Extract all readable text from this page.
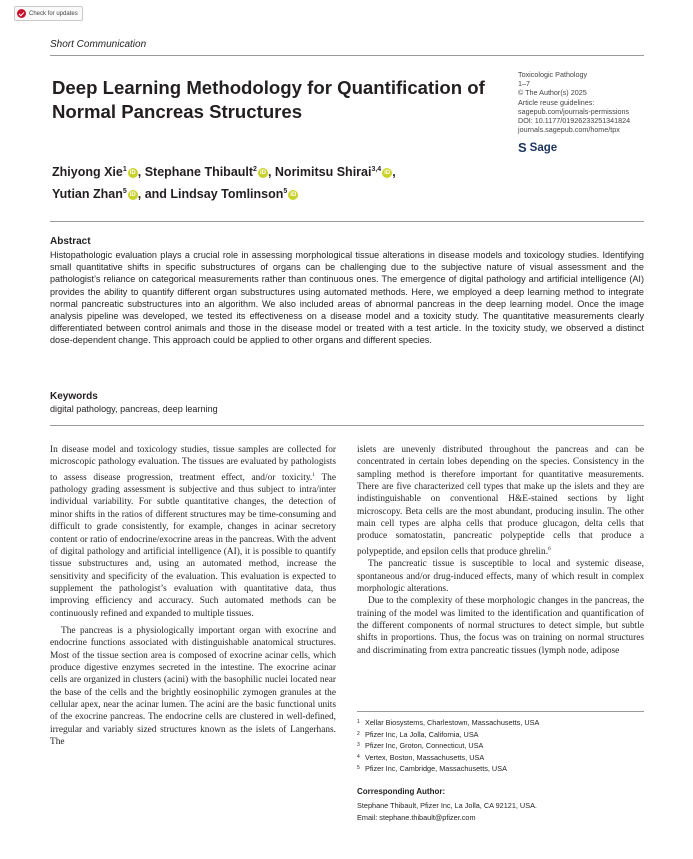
Check for updates
Short Communication
Deep Learning Methodology for Quantification of Normal Pancreas Structures
Toxicologic Pathology
1–7
© The Author(s) 2025
Article reuse guidelines:
sagepub.com/journals-permissions
DOI: 10.1177/01926233251341824
journals.sagepub.com/home/tpx
S Sage
Zhiyong Xie$^1$ iD , Stephane Thibault$^2$ iD , Norimitsu Shirai$^{3,4}$ iD ,
Yutian Zhan$^5$ iD , and Lindsay Tomlinson$^5$ iD
Abstract
Histopathologic evaluation plays a crucial role in assessing morphological tissue alterations in disease models and toxicology studies. Identifying small quantitative shifts in specific substructures of organs can be challenging due to the subjective nature of visual assessment and the pathologist’s reliance on categorical measurements rather than continuous ones. The emergence of digital pathology and artificial intelligence (AI) provides the ability to quantify different organ substructures using automated methods. Here, we employed a deep learning method to integrate normal pancreatic substructures into an algorithm. We also included areas of abnormal pancreas in the deep learning model. Once the image analysis pipeline was developed, we tested its effectiveness on a disease model and a toxicity study. The quantitative measurements clearly differentiated between control animals and those in the disease model or treated with a test article. In the toxicity study, we observed a distinct dose-dependent change. This approach could be applied to other organs and different species.
Keywords
digital pathology, pancreas, deep learning

In disease model and toxicology studies, tissue samples are collected for microscopic pathology evaluation. The tissues are evaluated by pathologists to assess disease progression, treatment effect, and/or toxicity.$^1$ The pathology grading assessment is subjective and thus subject to intra/inter individual variability. For subtle quantitative changes, the detection of minor shifts in the ratios of different structures may be time-consuming and difficult to grade consistently, for example, changes in acinar secretory content or ratio of endocrine/exocrine areas in the pancreas. With the advent of digital pathology and artificial intelligence (AI), it is possible to quantify tissue substructures and, using an automated method, increase the sensitivity and specificity of the evaluation. This evaluation is expected to supplement the pathologist’s evaluation with quantitative data, thus improving efficiency and accuracy. Such automated methods can be continuously refined and expanded to multiple tissues.

The pancreas is a physiologically important organ with exocrine and endocrine functions associated with distinguishable anatomical structures. Most of the tissue section area is composed of exocrine acinar cells, which produce digestive enzymes secreted in the intestine. The exocrine acinar cells are organized in clusters (acini) with the basophilic nuclei located near the base of the cells and the brightly eosinophilic zymogen granules at the cellular apex, near the acinar lumen. The acini are the basic functional units of the exocrine pancreas. The endocrine cells are clustered in well-defined, irregular and variably sized structures known as the islets of Langerhans. The

islets are unevenly distributed throughout the pancreas and can be concentrated in certain lobes depending on the species. Consistency in the sampling method is therefore important for quantitative measurements. There are five characterized cell types that make up the islets and they are indistinguishable on conventional H&E-stained sections by light microscopy. Beta cells are the most abundant, producing insulin. The other main cell types are alpha cells that produce glucagon, delta cells that produce somatostatin, pancreatic polypeptide cells that produce a polypeptide, and epsilon cells that produce ghrelin.$^6$

The pancreatic tissue is susceptible to local and systemic disease, spontaneous and/or drug-induced effects, many of which result in complex morphologic alterations.

Due to the complexity of these morphologic changes in the pancreas, the training of the model was limited to the identification and quantification of the different components of normal structures to detect simple, but subtle shifts in proportions. Thus, the focus was on training on normal structures and discriminating from extra pancreatic tissues (lymph node, adipose

1 Xellar Biosystems, Charlestown, Massachusetts, USA
2 Pfizer Inc, La Jolla, California, USA
3 Pfizer Inc, Groton, Connecticut, USA
4 Vertex, Boston, Massachusetts, USA
5 Pfizer Inc, Cambridge, Massachusetts, USA
Corresponding Author:
Stephane Thibault, Pfizer Inc, La Jolla, CA 92121, USA.
Email: stephane.thibault@pfizer.com
